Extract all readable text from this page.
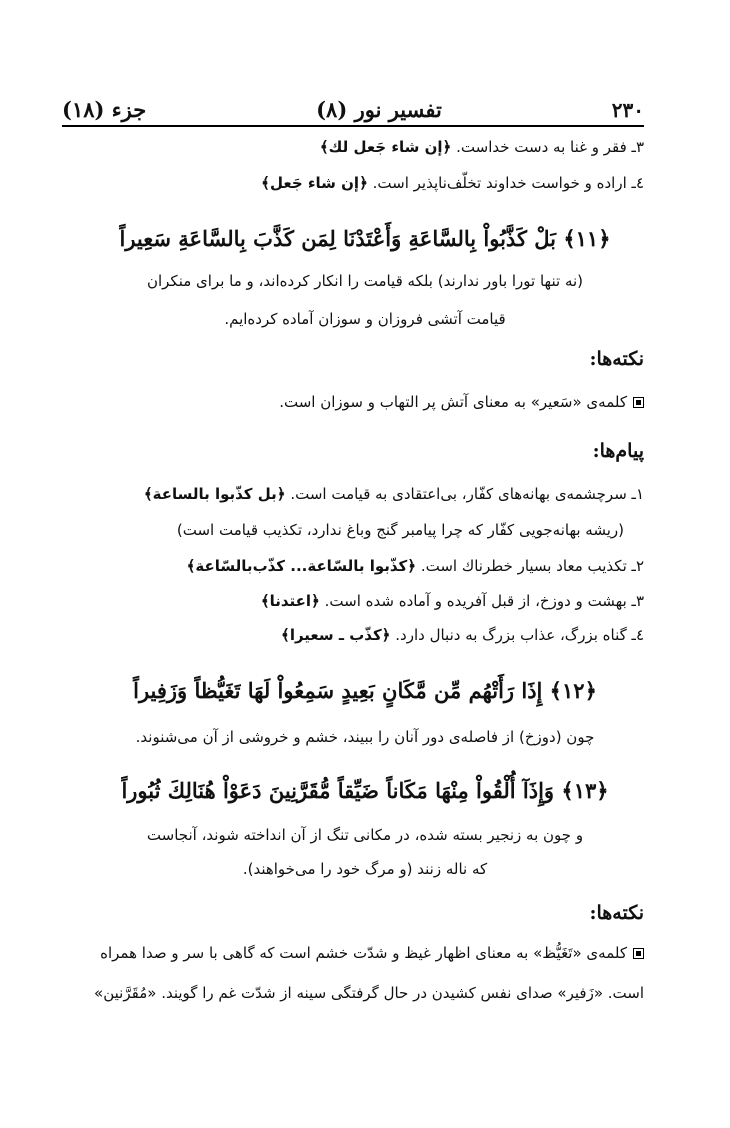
۲۳۰
تفسیر نور (۸)
جزء (۱۸)
۳ـ فقر و غنا به دست خداست. ﴿إن شاء جَعل لك﴾
٤ـ اراده و خواست خداوند تخلّف‌ناپذیر است. ﴿إن شاء جَعل﴾
﴿۱۱﴾ بَلْ كَذَّبُواْ بِالسَّاعَةِ وَأَعْتَدْنَا لِمَن كَذَّبَ بِالسَّاعَةِ سَعِيراً
(نه تنها تورا باور ندارند) بلكه قيامت را انكار كرده‌اند، و ما براى منكران
قيامت آتشى فروزان و سوزان آماده كرده‌ايم.
نكته‌ها:
كلمه‌ى «سَعير» به معناى آتش پر التهاب و سوزان است.
پيام‌ها:
۱ـ سرچشمه‌ى بهانه‌هاى كفّار، بى‌اعتقادى به قيامت است. ﴿بل كذّبوا بالساعة﴾
(ريشه بهانه‌جويى كفّار كه چرا پيامبر گنج وباغ ندارد، تكذيب قيامت است)
۲ـ تكذيب معاد بسيار خطرناك است. ﴿كذّبوا بالسّاعة... كذّب‌بالسّاعة﴾
۳ـ بهشت و دوزخ، از قبل آفريده و آماده شده است. ﴿اعتدنا﴾
٤ـ گناه بزرگ، عذاب بزرگ به دنبال دارد. ﴿كذّب ـ سعيرا﴾
﴿۱۲﴾ إِذَا رَأَتْهُم مِّن مَّكَانٍ بَعِيدٍ سَمِعُواْ لَهَا تَغَيُّظاً وَزَفِيراً
چون (دوزخ) از فاصله‌ى دور آنان را ببيند، خشم و خروشى از آن مى‌شنوند.
﴿۱۳﴾ وَإِذَآ أُلْقُواْ مِنْهَا مَكَاناً ضَيِّقاً مُّقَرَّنِينَ دَعَوْاْ هُنَالِكَ ثُبُوراً
و چون به زنجير بسته شده، در مكانى تنگ از آن انداخته شوند، آنجاست
كه ناله زنند (و مرگ خود را مى‌خواهند).
نكته‌ها:
كلمه‌ى «تَغَيُّظ» به معناى اظهار غيظ و شدّت خشم است كه گاهى با سر و صدا همراه
است. «زَفير» صداى نفس كشيدن در حال گرفتگى سينه از شدّت غم را گويند. «مُقَرَّنين»
